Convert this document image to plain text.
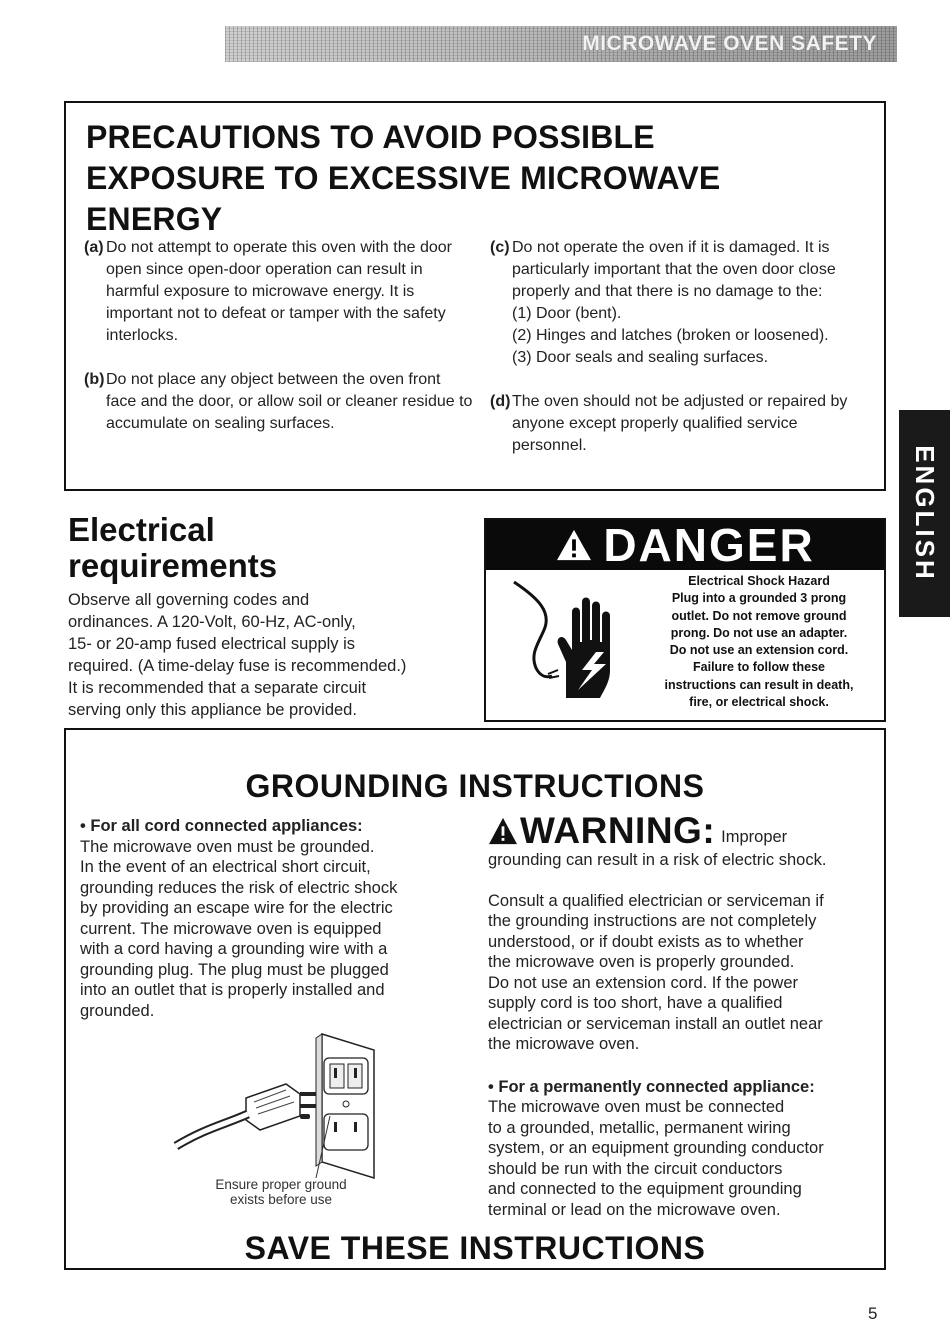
MICROWAVE OVEN SAFETY
PRECAUTIONS TO AVOID POSSIBLE
EXPOSURE TO EXCESSIVE MICROWAVE
ENERGY
(a) Do not attempt to operate this oven with the door open since open-door operation can result in harmful exposure to microwave energy. It is important not to defeat or tamper with the safety interlocks.
(b) Do not place any object between the oven front face and the door, or allow soil or cleaner residue to accumulate on sealing surfaces.
(c) Do not operate the oven if it is damaged. It is particularly important that the oven door close properly and that there is no damage to the:
(1) Door (bent).
(2) Hinges and latches (broken or loosened).
(3) Door seals and sealing surfaces.
(d) The oven should not be adjusted or repaired by anyone except properly qualified service personnel.
Electrical
requirements
Observe all governing codes and
ordinances. A 120-Volt, 60-Hz, AC-only,
15- or 20-amp fused electrical supply is
required. (A time-delay fuse is recommended.)
It is recommended that a separate circuit
serving only this appliance be provided.
DANGER
Electrical Shock Hazard
Plug into a grounded 3 prong
outlet. Do not remove ground
prong. Do not use an adapter.
Do not use an extension cord.
Failure to follow these
instructions can result in death,
fire, or electrical shock.
ENGLISH
GROUNDING INSTRUCTIONS
• For all cord connected appliances:
The microwave oven must be grounded.
In the event of an electrical short circuit,
grounding reduces the risk of electric shock
by providing an escape wire for the electric
current. The microwave oven is equipped
with a cord having a grounding wire with a
grounding plug. The plug must be plugged
into an outlet that is properly installed and
grounded.
Ensure proper ground
exists before use
WARNING: Improper
grounding can result in a risk of electric shock.
Consult a qualified electrician or serviceman if
the grounding instructions are not completely
understood, or if doubt exists as to whether
the microwave oven is properly grounded.
Do not use an extension cord. If the power
supply cord is too short, have a qualified
electrician or serviceman install an outlet near
the microwave oven.
• For a permanently connected appliance:
The microwave oven must be connected
to a grounded, metallic, permanent wiring
system, or an equipment grounding conductor
should be run with the circuit conductors
and connected to the equipment grounding
terminal or lead on the microwave oven.
SAVE THESE INSTRUCTIONS
5
